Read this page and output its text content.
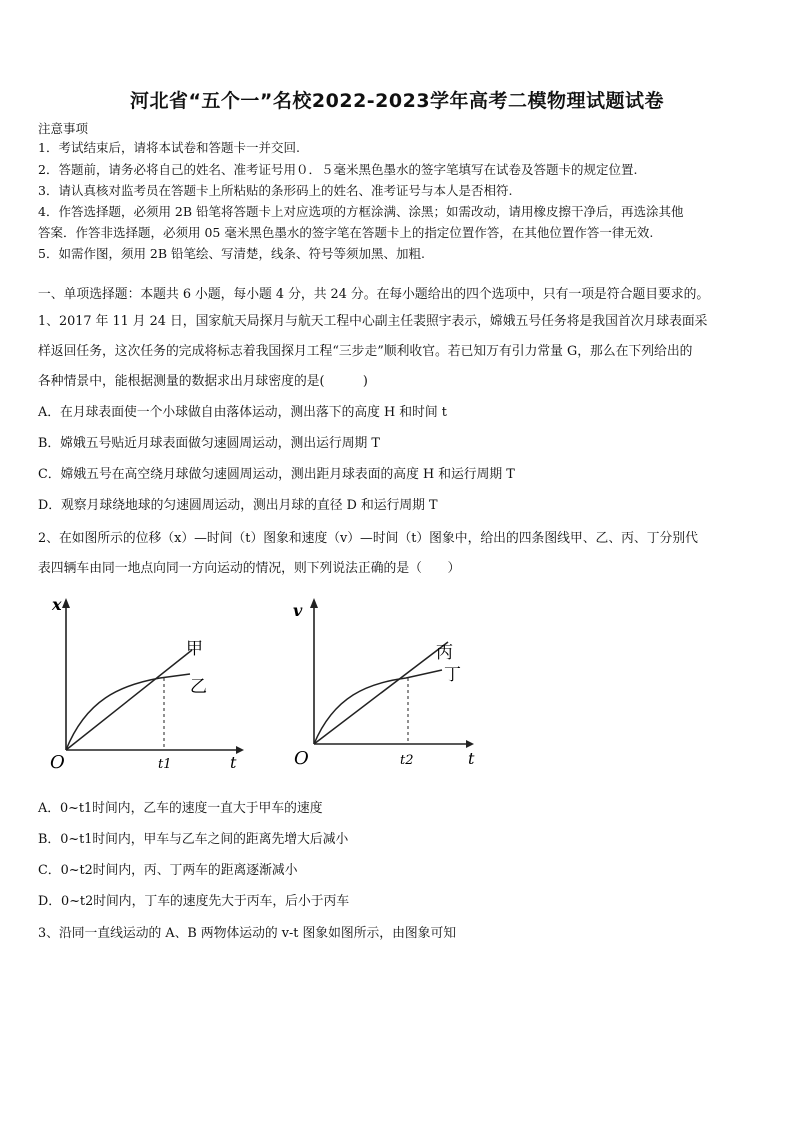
河北省“五个一”名校2022-2023学年高考二模物理试题试卷
注意事项
1．考试结束后，请将本试卷和答题卡一并交回.
2．答题前，请务必将自己的姓名、准考证号用０．５毫米黑色墨水的签字笔填写在试卷及答题卡的规定位置.
3．请认真核对监考员在答题卡上所粘贴的条形码上的姓名、准考证号与本人是否相符.
4．作答选择题，必须用 2B 铅笔将答题卡上对应选项的方框涂满、涂黑；如需改动，请用橡皮擦干净后，再选涂其他
答案．作答非选择题，必须用 05 毫米黑色墨水的签字笔在答题卡上的指定位置作答，在其他位置作答一律无效.
5．如需作图，须用 2B 铅笔绘、写清楚，线条、符号等须加黑、加粗.
一、单项选择题：本题共 6 小题，每小题 4 分，共 24 分。在每小题给出的四个选项中，只有一项是符合题目要求的。
1、2017 年 11 月 24 日，国家航天局探月与航天工程中心副主任裴照宇表示，嫦娥五号任务将是我国首次月球表面采
样返回任务，这次任务的完成将标志着我国探月工程“三步走”顺利收官。若已知万有引力常量 G，那么在下列给出的
各种情景中，能根据测量的数据求出月球密度的是(　　　)
A．在月球表面使一个小球做自由落体运动，测出落下的高度 H 和时间 t
B．嫦娥五号贴近月球表面做匀速圆周运动，测出运行周期 T
C．嫦娥五号在高空绕月球做匀速圆周运动，测出距月球表面的高度 H 和运行周期 T
D．观察月球绕地球的匀速圆周运动，测出月球的直径 D 和运行周期 T
2、在如图所示的位移（x）—时间（t）图象和速度（v）—时间（t）图象中，给出的四条图线甲、乙、丙、丁分别代
表四辆车由同一地点向同一方向运动的情况，则下列说法正确的是（　　）
x
t
O	t1
甲
乙
v
t
O	t2
丙
丁
A．0~t1时间内，乙车的速度一直大于甲车的速度
B．0~t1时间内，甲车与乙车之间的距离先增大后减小
C．0~t2时间内，丙、丁两车的距离逐渐减小
D．0~t2时间内，丁车的速度先大于丙车，后小于丙车
3、沿同一直线运动的 A、B 两物体运动的 v-t 图象如图所示，由图象可知
